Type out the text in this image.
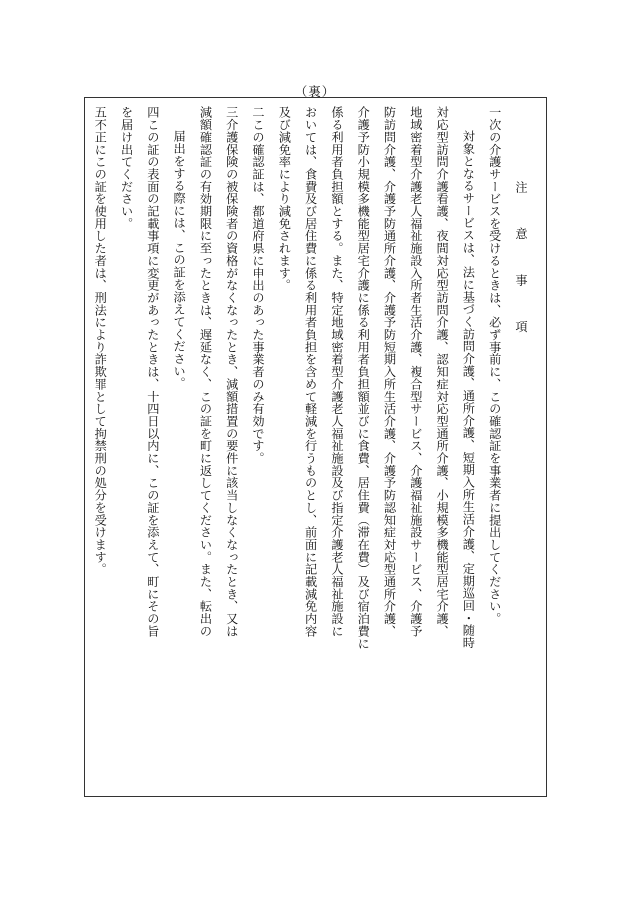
（裏）
注　意　事　項
一次の介護サービスを受けるときは、必ず事前に、この確認証を事業者に提出してください。
対象となるサービスは、法に基づく訪問介護、通所介護、短期入所生活介護、定期巡回・随時
対応型訪問介護看護、夜間対応型訪問介護、認知症対応型通所介護、小規模多機能型居宅介護、
地域密着型介護老人福祉施設入所者生活介護、複合型サービス、介護福祉施設サービス、介護予
防訪問介護、介護予防通所介護、介護予防短期入所生活介護、介護予防認知症対応型通所介護、
介護予防小規模多機能型居宅介護に係る利用者負担額並びに食費、居住費（滞在費）及び宿泊費に
係る利用者負担額とする。また、特定地域密着型介護老人福祉施設及び指定介護老人福祉施設に
おいては、食費及び居住費に係る利用者負担を含めて軽減を行うものとし、前面に記載減免内容
及び減免率により減免されます。
二この確認証は、都道府県に申出のあった事業者のみ有効です。
三介護保険の被保険者の資格がなくなったとき、減額措置の要件に該当しなくなったとき、又は
減額確認証の有効期限に至ったときは、遅延なく、この証を町に返してください。また、転出の
届出をする際には、この証を添えてください。
四この証の表面の記載事項に変更があったときは、十四日以内に、この証を添えて、町にその旨
を届け出てください。
五不正にこの証を使用した者は、刑法により詐欺罪として拘禁刑の処分を受けます。
